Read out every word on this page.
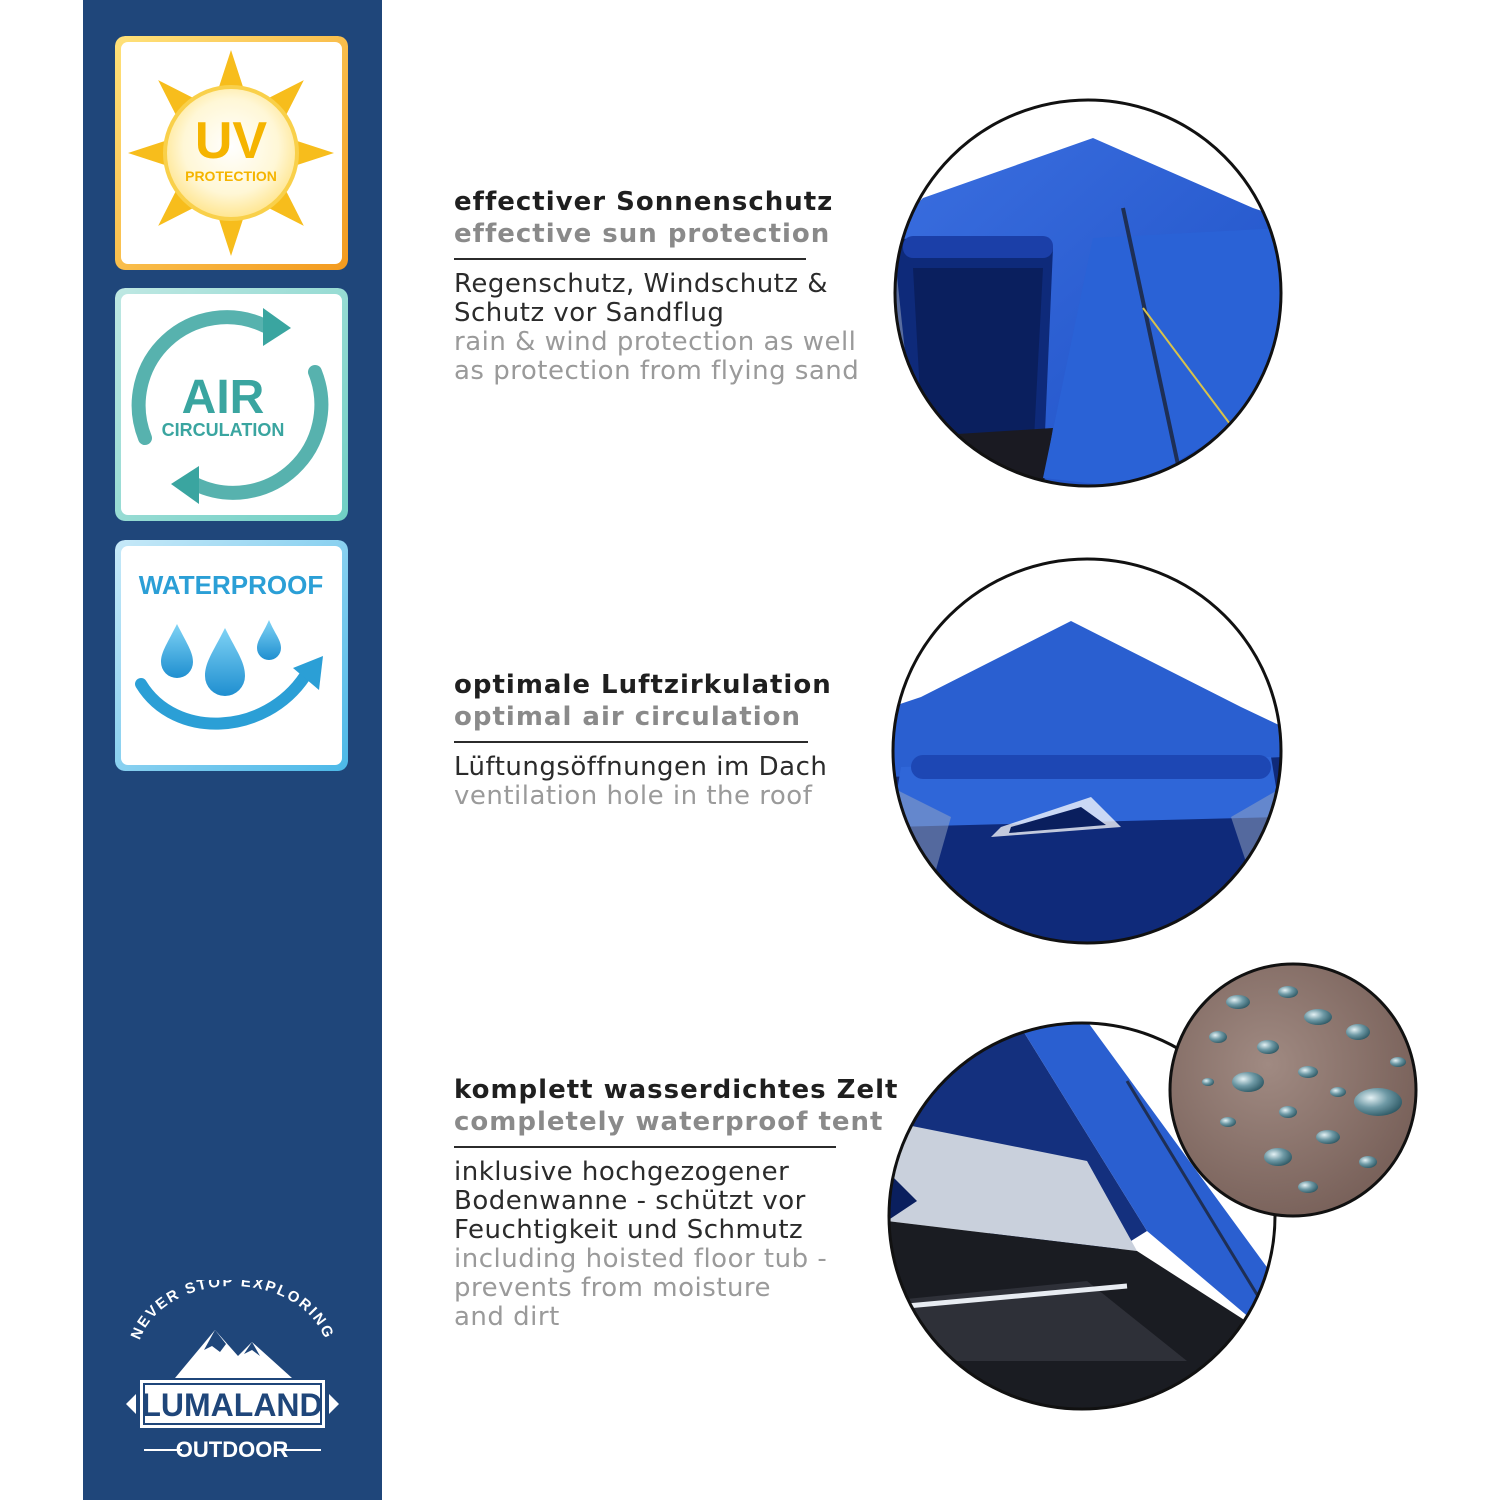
UV
PROTECTION
AIR
CIRCULATION
WATERPROOF
NEVER STOP EXPLORING
LUMALAND
OUTDOOR
effectiver Sonnenschutz
effective sun protection
Regenschutz, Windschutz &
Schutz vor Sandflug
rain & wind protection as well
as protection from flying sand
optimale Luftzirkulation
optimal air circulation
Lüftungsöffnungen im Dach
ventilation hole in the roof
komplett wasserdichtes Zelt
completely waterproof tent
inklusive hochgezogener
Bodenwanne - schützt vor
Feuchtigkeit und Schmutz
including hoisted floor tub -
prevents from moisture
and dirt
